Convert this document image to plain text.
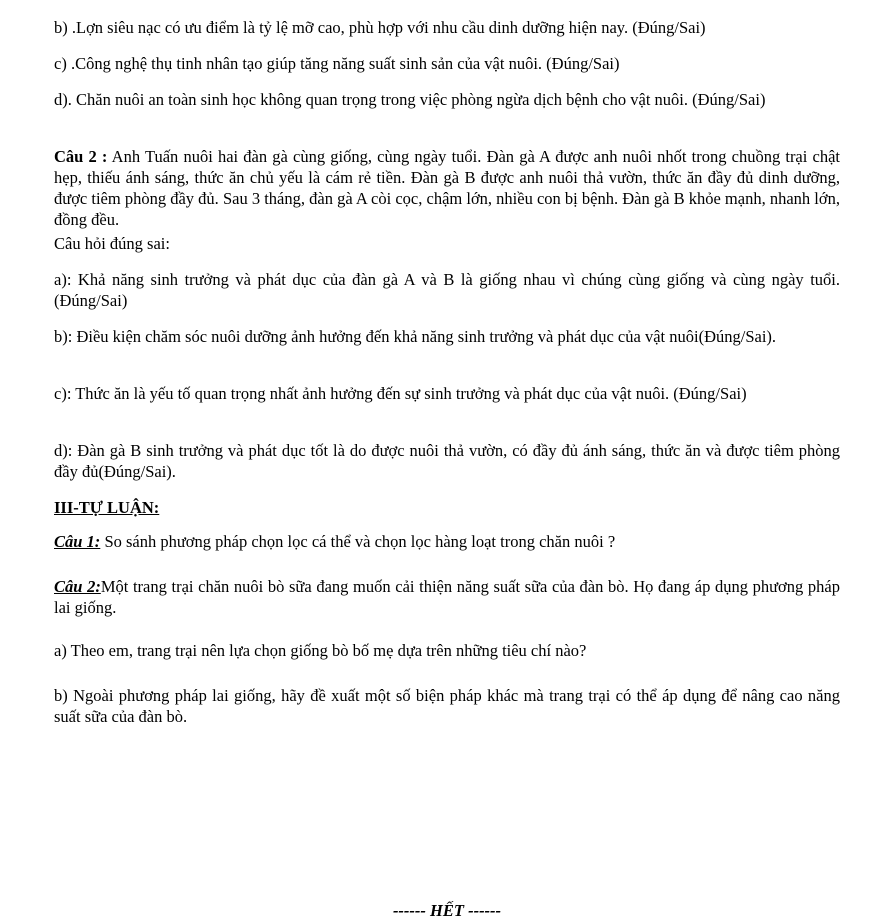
b) .Lợn siêu nạc có ưu điểm là tỷ lệ mỡ cao, phù hợp với nhu cầu dinh dưỡng hiện nay. (Đúng/Sai)

c) .Công nghệ thụ tinh nhân tạo giúp tăng năng suất sinh sản của vật nuôi. (Đúng/Sai)

d). Chăn nuôi an toàn sinh học không quan trọng trong việc phòng ngừa dịch bệnh cho vật nuôi. (Đúng/Sai)

Câu 2 : Anh Tuấn nuôi hai đàn gà cùng giống, cùng ngày tuổi. Đàn gà A được anh nuôi nhốt trong chuồng trại chật hẹp, thiếu ánh sáng, thức ăn chủ yếu là cám rẻ tiền. Đàn gà B được anh nuôi thả vườn, thức ăn đầy đủ dinh dưỡng, được tiêm phòng đầy đủ. Sau 3 tháng, đàn gà A còi cọc, chậm lớn, nhiều con bị bệnh. Đàn gà B khỏe mạnh, nhanh lớn, đồng đều.

Câu hỏi đúng sai:

a): Khả năng sinh trưởng và phát dục của đàn gà A và B là giống nhau vì chúng cùng giống và cùng ngày tuổi. (Đúng/Sai)

b): Điều kiện chăm sóc nuôi dưỡng ảnh hưởng đến khả năng sinh trưởng và phát dục của vật nuôi(Đúng/Sai).

c): Thức ăn là yếu tố quan trọng nhất ảnh hưởng đến sự sinh trưởng và phát dục của vật nuôi. (Đúng/Sai)

d): Đàn gà B sinh trưởng và phát dục tốt là do được nuôi thả vườn, có đầy đủ ánh sáng, thức ăn và được tiêm phòng đầy đủ(Đúng/Sai).

III-TỰ LUẬN:

Câu 1: So sánh phương pháp chọn lọc cá thể và chọn lọc hàng loạt trong chăn nuôi ?

Câu 2:Một trang trại chăn nuôi bò sữa đang muốn cải thiện năng suất sữa của đàn bò. Họ đang áp dụng phương pháp lai giống.

a) Theo em, trang trại nên lựa chọn giống bò bố mẹ dựa trên những tiêu chí nào?

b) Ngoài phương pháp lai giống, hãy đề xuất một số biện pháp khác mà trang trại có thể áp dụng để nâng cao năng suất sữa của đàn bò.

------ HẾT ------
